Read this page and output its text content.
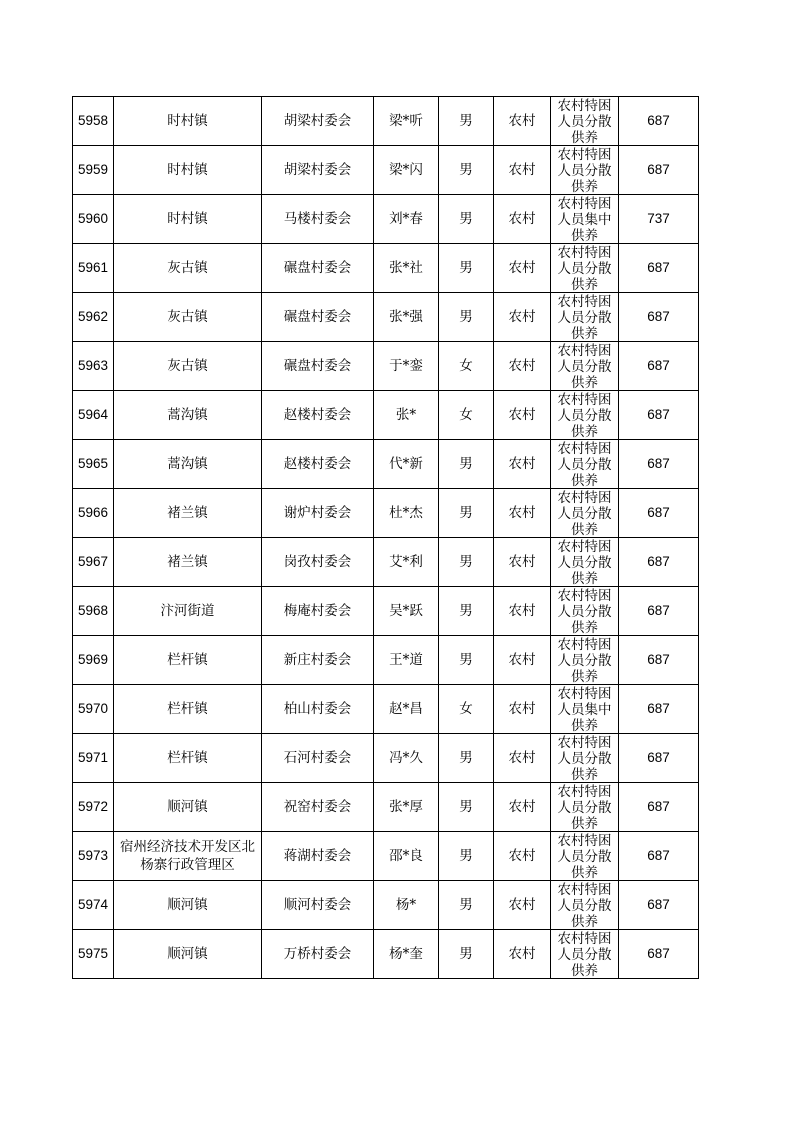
5958	时村镇	胡梁村委会	梁*听	男	农村	农村特困人员分散供养	687
5959	时村镇	胡梁村委会	梁*闪	男	农村	农村特困人员分散供养	687
5960	时村镇	马楼村委会	刘*春	男	农村	农村特困人员集中供养	737
5961	灰古镇	碾盘村委会	张*社	男	农村	农村特困人员分散供养	687
5962	灰古镇	碾盘村委会	张*强	男	农村	农村特困人员分散供养	687
5963	灰古镇	碾盘村委会	于*銮	女	农村	农村特困人员分散供养	687
5964	蒿沟镇	赵楼村委会	张*	女	农村	农村特困人员分散供养	687
5965	蒿沟镇	赵楼村委会	代*新	男	农村	农村特困人员分散供养	687
5966	褚兰镇	谢炉村委会	杜*杰	男	农村	农村特困人员分散供养	687
5967	褚兰镇	岗孜村委会	艾*利	男	农村	农村特困人员分散供养	687
5968	汴河街道	梅庵村委会	吴*跃	男	农村	农村特困人员分散供养	687
5969	栏杆镇	新庄村委会	王*道	男	农村	农村特困人员分散供养	687
5970	栏杆镇	柏山村委会	赵*昌	女	农村	农村特困人员集中供养	687
5971	栏杆镇	石河村委会	冯*久	男	农村	农村特困人员分散供养	687
5972	顺河镇	祝窑村委会	张*厚	男	农村	农村特困人员分散供养	687
5973	宿州经济技术开发区北杨寨行政管理区	蒋湖村委会	邵*良	男	农村	农村特困人员分散供养	687
5974	顺河镇	顺河村委会	杨*	男	农村	农村特困人员分散供养	687
5975	顺河镇	万桥村委会	杨*奎	男	农村	农村特困人员分散供养	687
